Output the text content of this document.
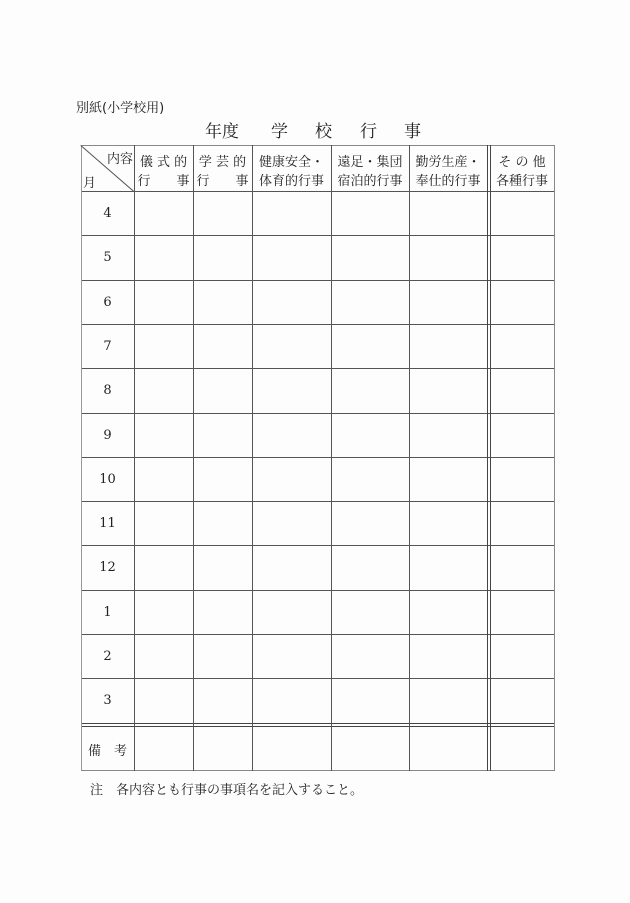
別紙(小学校用)
年度 学 校 行 事
内容
月
儀 式 的
行　　事
学 芸 的
行　　事
健康安全・
体育的行事
遠足・集団
宿泊的行事
勤労生産・
奉仕的行事
そ の 他
各種行事
4
5
6
7
8
9
10
11
12
1
2
3
備　考
注　各内容とも行事の事項名を記入すること。
